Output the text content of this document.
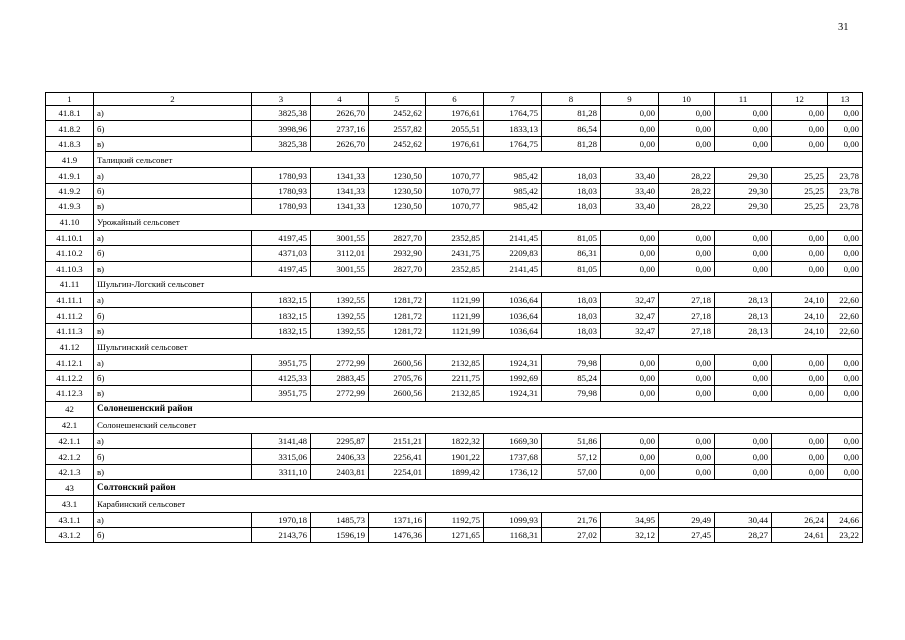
31
1	2	3	4	5	6	7	8	9	10	11	12	13
41.8.1	а)	3825,38	2626,70	2452,62	1976,61	1764,75	81,28	0,00	0,00	0,00	0,00	0,00
41.8.2	б)	3998,96	2737,16	2557,82	2055,51	1833,13	86,54	0,00	0,00	0,00	0,00	0,00
41.8.3	в)	3825,38	2626,70	2452,62	1976,61	1764,75	81,28	0,00	0,00	0,00	0,00	0,00
41.9	Талицкий сельсовет											
41.9.1	а)	1780,93	1341,33	1230,50	1070,77	985,42	18,03	33,40	28,22	29,30	25,25	23,78
41.9.2	б)	1780,93	1341,33	1230,50	1070,77	985,42	18,03	33,40	28,22	29,30	25,25	23,78
41.9.3	в)	1780,93	1341,33	1230,50	1070,77	985,42	18,03	33,40	28,22	29,30	25,25	23,78
41.10	Урожайный сельсовет											
41.10.1	а)	4197,45	3001,55	2827,70	2352,85	2141,45	81,05	0,00	0,00	0,00	0,00	0,00
41.10.2	б)	4371,03	3112,01	2932,90	2431,75	2209,83	86,31	0,00	0,00	0,00	0,00	0,00
41.10.3	в)	4197,45	3001,55	2827,70	2352,85	2141,45	81,05	0,00	0,00	0,00	0,00	0,00
41.11	Шульгин-Логский сельсовет											
41.11.1	а)	1832,15	1392,55	1281,72	1121,99	1036,64	18,03	32,47	27,18	28,13	24,10	22,60
41.11.2	б)	1832,15	1392,55	1281,72	1121,99	1036,64	18,03	32,47	27,18	28,13	24,10	22,60
41.11.3	в)	1832,15	1392,55	1281,72	1121,99	1036,64	18,03	32,47	27,18	28,13	24,10	22,60
41.12	Шульгинский сельсовет											
41.12.1	а)	3951,75	2772,99	2600,56	2132,85	1924,31	79,98	0,00	0,00	0,00	0,00	0,00
41.12.2	б)	4125,33	2883,45	2705,76	2211,75	1992,69	85,24	0,00	0,00	0,00	0,00	0,00
41.12.3	в)	3951,75	2772,99	2600,56	2132,85	1924,31	79,98	0,00	0,00	0,00	0,00	0,00
42	Солонешенский район											
42.1	Солонешенский сельсовет											
42.1.1	а)	3141,48	2295,87	2151,21	1822,32	1669,30	51,86	0,00	0,00	0,00	0,00	0,00
42.1.2	б)	3315,06	2406,33	2256,41	1901,22	1737,68	57,12	0,00	0,00	0,00	0,00	0,00
42.1.3	в)	3311,10	2403,81	2254,01	1899,42	1736,12	57,00	0,00	0,00	0,00	0,00	0,00
43	Солтонский район											
43.1	Карабинский сельсовет											
43.1.1	а)	1970,18	1485,73	1371,16	1192,75	1099,93	21,76	34,95	29,49	30,44	26,24	24,66
43.1.2	б)	2143,76	1596,19	1476,36	1271,65	1168,31	27,02	32,12	27,45	28,27	24,61	23,22
